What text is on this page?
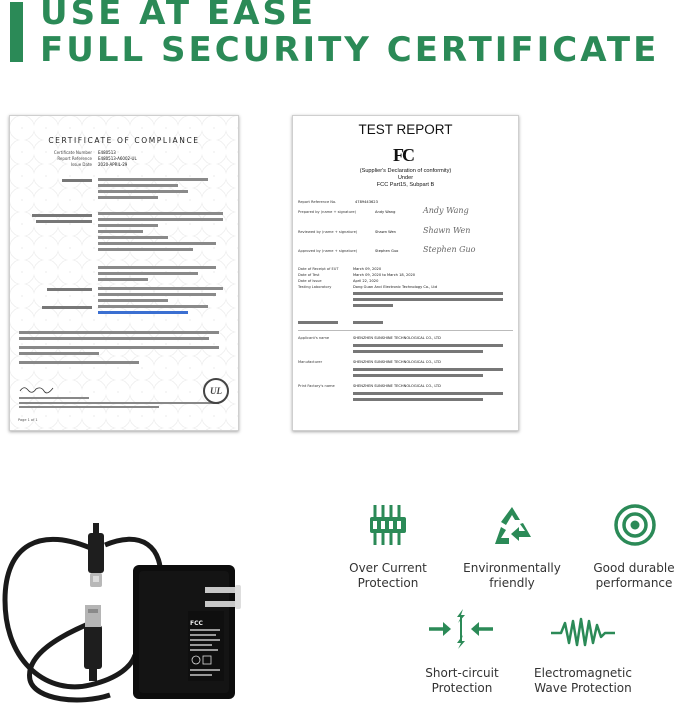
USE AT EASE
FULL SECURITY CERTIFICATE
CERTIFICATE OF COMPLIANCE
Certificate Number E480513
Report Reference E480513-A6002-UL
Issue Date 2020-APRIL-29
UL
Page 1 of 1
TEST REPORT
FC
(Supplier's Declaration of conformity)
Under
FCC Part15, Subpart B
Report Reference No.	4789443623
Prepared by (name + signature)	Andy Wang	Andy Wang
Reviewed by (name + signature)	Shawn Wen	Shawn Wen
Approved by (name + signature)	Stephen Guo	Stephen Guo
Date of Receipt of EUT	March 09, 2020
Date of Test	March 09, 2020 to March 18, 2020
Date of Issue	April 22, 2020
Testing Laboratory	Dong Guan Anci Electronic Technology Co., Ltd
Applicant's name	SHENZHEN SUNSHINE TECHNOLOGICAL CO., LTD
Manufacturer	SHENZHEN SUNSHINE TECHNOLOGICAL CO., LTD
Print Factory's name	SHENZHEN SUNSHINE TECHNOLOGICAL CO., LTD
FCC
Over Current
Protection
Environmentally
friendly
Good durable
performance
Short-circuit
Protection
Electromagnetic
Wave Protection
